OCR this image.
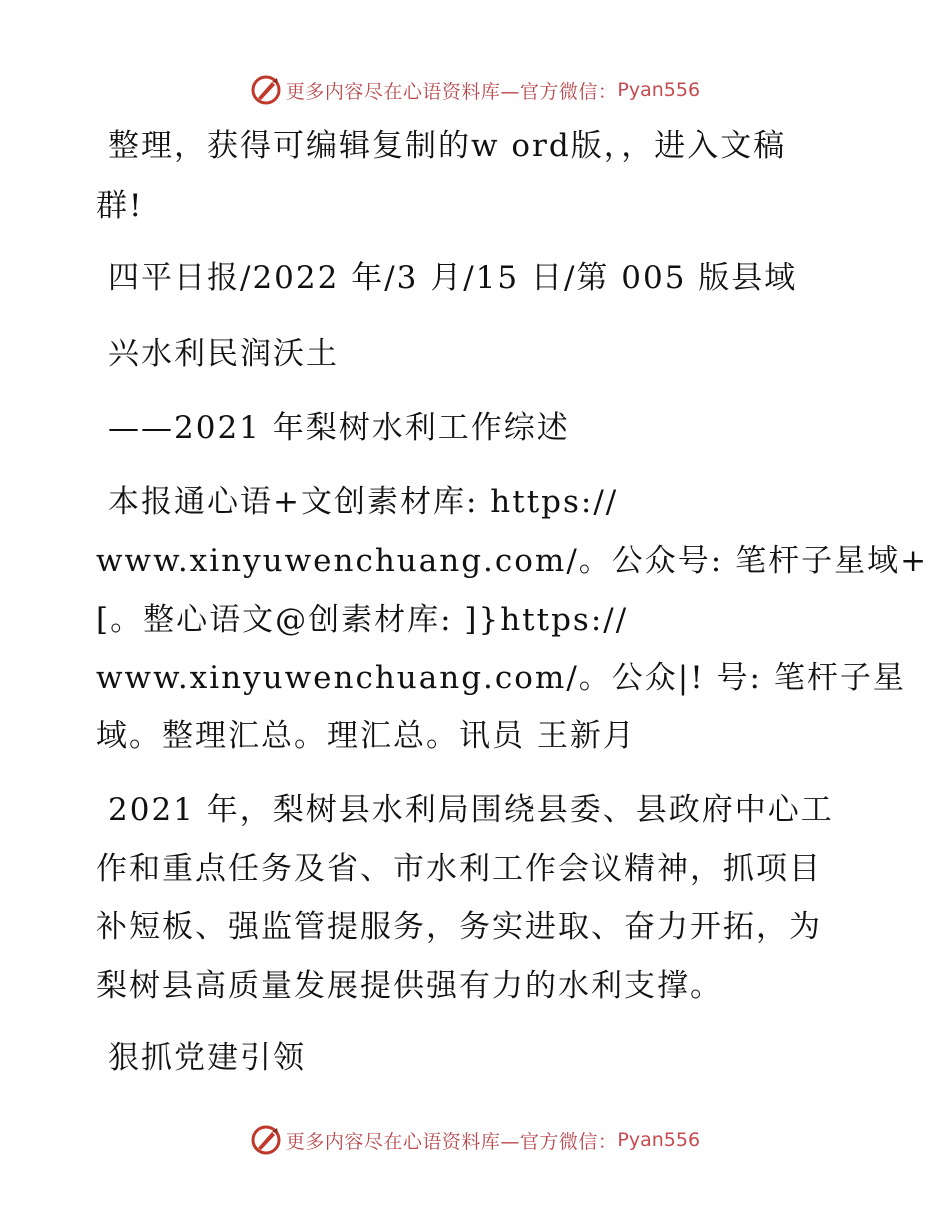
更多内容尽在心语资料库—官方微信： Pyan556
整理，获得可编辑复制的w ord版，，进入文稿
群!
四平日报/2022 年/3 月/15 日/第 005 版县域
兴水利民润沃土
——2021 年梨树水利工作综述
本报通心语+文创素材库: https://
www.xinyuwenchuang.com/。公众号: 笔杆子星域+
[。整心语文@创素材库: ]}https://
www.xinyuwenchuang.com/。公众|! 号: 笔杆子星
域。整理汇总。理汇总。讯员 王新月
2021 年，梨树县水利局围绕县委、县政府中心工
作和重点任务及省、市水利工作会议精神，抓项目
补短板、强监管提服务，务实进取、奋力开拓，为
梨树县高质量发展提供强有力的水利支撑。
狠抓党建引领
更多内容尽在心语资料库—官方微信： Pyan556
